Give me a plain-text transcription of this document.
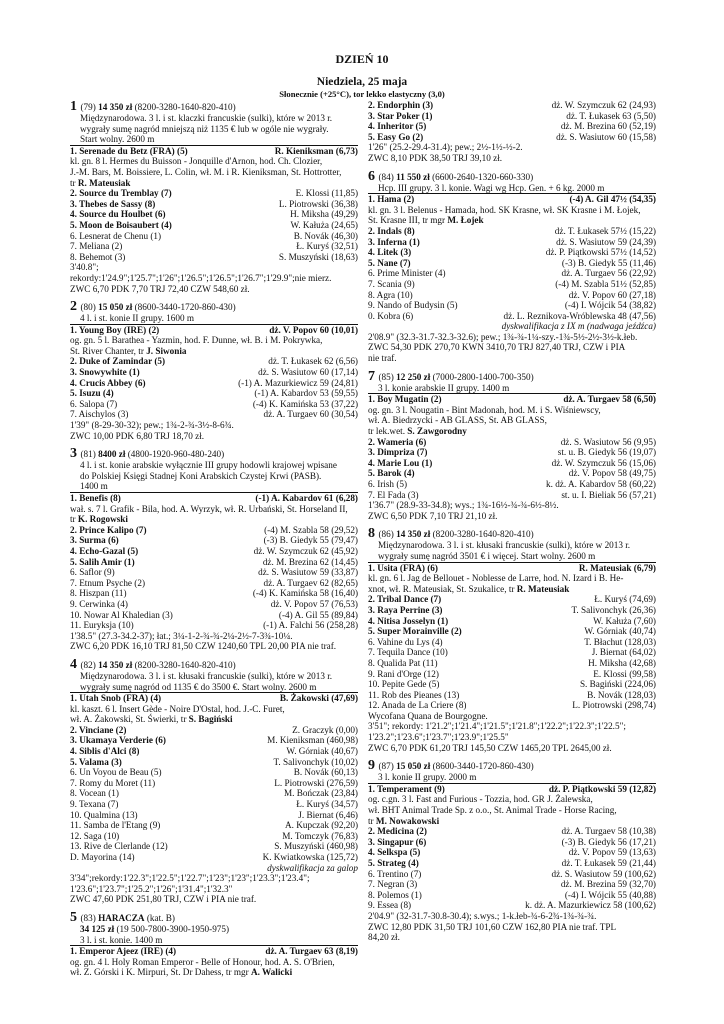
DZIEŃ 10
Niedziela, 25 maja
Słonecznie (+25°C), tor lekko elastyczny (3,0)
1 (79) 14 350 zł (8200-3280-1640-820-410)
Międzynarodowa. 3 l. i st. klaczki francuskie (sulki), które w 2013 r.
wygrały sumę nagród mniejszą niż 1135 € lub w ogóle nie wygrały.
Start wolny. 2600 m
1. Serenade du Betz (FRA) (5)	R. Kieniksman (6,73)
kl. gn. 8 l. Hermes du Buisson - Jonquille d'Arnon, hod. Ch. Clozier,
J.-M. Bars, M. Boissiere, L. Colin, wł. M. i R. Kieniksman, St. Hottrotter,
tr R. Mateusiak
2. Source du Tremblay (7)	E. Klossi (11,85)
3. Thebes de Sassy (8)	L. Piotrowski (36,38)
4. Source du Houlbet (6)	H. Miksha (49,29)
5. Moon de Boisaubert (4)	W. Kałuża (24,65)
6. Lesnerat de Chenu (1)	B. Novák (46,30)
7. Meliana (2)	Ł. Kuryś (32,51)
8. Behemot (3)	S. Muszyński (18,63)
3'40.8";
rekordy:1'24.9";1'25.7";1'26";1'26.5";1'26.5";1'26.7";1'29.9";nie mierz.
ZWC 6,70 PDK 7,70 TRJ 72,40 CZW 548,60 zł.
2 (80) 15 050 zł (8600-3440-1720-860-430)
4 l. i st. konie II grupy. 1600 m
1. Young Boy (IRE) (2)	dż. V. Popov 60 (10,01)
og. gn. 5 l. Barathea - Yazmin, hod. F. Dunne, wł. B. i M. Pokrywka,
St. River Chanter, tr J. Siwonia
2. Duke of Zamindar (5)	dż. T. Łukasek 62 (6,56)
3. Snowywhite (1)	dż. S. Wasiutow 60 (17,14)
4. Crucis Abbey (6)	(-1) A. Mazurkiewicz 59 (24,81)
5. Isuzu (4)	(-1) A. Kabardov 53 (59,55)
6. Salopa (7)	(-4) K. Kamińska 53 (37,22)
7. Aischylos (3)	dż. A. Turgaev 60 (30,54)
1'39" (8-29-30-32); pew.; 1¾-2-¾-3½-8-6¾.
ZWC 10,00 PDK 6,80 TRJ 18,70 zł.
3 (81) 8400 zł (4800-1920-960-480-240)
4 l. i st. konie arabskie wyłącznie III grupy hodowli krajowej wpisane
do Polskiej Księgi Stadnej Koni Arabskich Czystej Krwi (PASB).
1400 m
1. Benefis (8)	(-1) A. Kabardov 61 (6,28)
wał. s. 7 l. Grafik - Bila, hod. A. Wyrzyk, wł. R. Urbański, St. Horseland II,
tr K. Rogowski
2. Prince Kalipo (7)	(-4) M. Szabla 58 (29,52)
3. Surma (6)	(-3) B. Giedyk 55 (79,47)
4. Echo-Gazal (5)	dż. W. Szymczuk 62 (45,92)
5. Salih Amir (1)	dż. M. Brezina 62 (14,45)
6. Saflor (9)	dż. S. Wasiutow 59 (33,87)
7. Etnum Psyche (2)	dż. A. Turgaev 62 (82,65)
8. Hiszpan (11)	(-4) K. Kamińska 58 (16,40)
9. Cerwinka (4)	dż. V. Popov 57 (76,53)
10. Nowar Al Khaledian (3)	(-4) A. Gil 55 (89,84)
11. Euryksja (10)	(-1) A. Falchi 56 (258,28)
1'38.5" (27.3-34.2-37); łat.; 3¼-1-2-¾-¾-2¼-2½-7-3¾-10¼.
ZWC 6,20 PDK 16,10 TRJ 81,50 CZW 1240,60 TPL 20,00 PIA nie traf.
4 (82) 14 350 zł (8200-3280-1640-820-410)
Międzynarodowa. 3 l. i st. kłusaki francuskie (sulki), które w 2013 r.
wygrały sumę nagród od 1135 € do 3500 €. Start wolny. 2600 m
1. Utah Snob (FRA) (4)	B. Żakowski (47,69)
kl. kaszt. 6 l. Insert Gède - Noire D'Ostal, hod. J.-C. Furet,
wł. A. Żakowski, St. Świerki, tr S. Bagiński
2. Vinciane (2)	Z. Graczyk (0,00)
3. Ukamaya Verderie (6)	M. Kieniksman (460,98)
4. Siblis d'Alci (8)	W. Górniak (40,67)
5. Valama (3)	T. Salivonchyk (10,02)
6. Un Voyou de Beau (5)	B. Novák (60,13)
7. Romy du Moret (11)	L. Piotrowski (276,59)
8. Vocean (1)	M. Bończak (23,84)
9. Texana (7)	Ł. Kuryś (34,57)
10. Qualmina (13)	J. Biernat (6,46)
11. Samba de l'Etang (9)	A. Kupczak (92,20)
12. Saga (10)	M. Tomczyk (76,83)
13. Rive de Clerlande (12)	S. Muszyński (460,98)
D. Mayorina (14)	K. Kwiatkowska (125,72)
dyskwalifikacja za galop
3'34";rekordy:1'22.3";1'22.5";1'22.7";1'23";1'23";1'23.3";1'23.4";
1'23.6";1'23.7";1'25.2";1'26";1'31.4";1'32.3"
ZWC 47,60 PDK 251,80 TRJ, CZW i PIA nie traf.
5 (83) HARACZA (kat. B)
34 125 zł (19 500-7800-3900-1950-975)
3 l. i st. konie. 1400 m
1. Emperor Ajeez (IRE) (4)	dż. A. Turgaev 63 (8,19)
og. gn. 4 l. Holy Roman Emperor - Belle of Honour, hod. A. S. O'Brien,
wł. Z. Górski i K. Mirpuri, St. Dr Dahess, tr mgr A. Walicki
2. Endorphin (3)	dż. W. Szymczuk 62 (24,93)
3. Star Poker (1)	dż. T. Łukasek 63 (5,50)
4. Inheritor (5)	dż. M. Brezina 60 (52,19)
5. Easy Go (2)	dż. S. Wasiutow 60 (15,58)
1'26" (25.2-29.4-31.4); pew.; 2½-1½-½-2.
ZWC 8,10 PDK 38,50 TRJ 39,10 zł.
6 (84) 11 550 zł (6600-2640-1320-660-330)
Hcp. III grupy. 3 l. konie. Wagi wg Hcp. Gen. + 6 kg. 2000 m
1. Hama (2)	(-4) A. Gil 47½ (54,35)
kl. gn. 3 l. Belenus - Hamada, hod. SK Krasne, wł. SK Krasne i M. Łojek,
St. Krasne III, tr mgr M. Łojek
2. Indals (8)	dż. T. Łukasek 57½ (15,22)
3. Inferna (1)	dż. S. Wasiutow 59 (24,39)
4. Litek (3)	dż. P. Piątkowski 57½ (14,52)
5. Nane (7)	(-3) B. Giedyk 55 (11,46)
6. Prime Minister (4)	dż. A. Turgaev 56 (22,92)
7. Scania (9)	(-4) M. Szabla 51½ (52,85)
8. Agra (10)	dż. V. Popov 60 (27,18)
9. Nando of Budysin (5)	(-4) I. Wójcik 54 (38,82)
0. Kobra (6)	dż. L. Reznikova-Wróblewska 48 (47,56)
dyskwalifikacja z IX m (nadwaga jeźdźca)
2'08.9" (32.3-31.7-32.3-32.6); pew.; 1¾-¾-1¼-szy.-1¾-5½-2½-3½-k.łeb.
ZWC 54,30 PDK 270,70 KWN 3410,70 TRJ 827,40 TRJ, CZW i PIA
nie traf.
7 (85) 12 250 zł (7000-2800-1400-700-350)
3 l. konie arabskie II grupy. 1400 m
1. Boy Mugatin (2)	dż. A. Turgaev 58 (6,50)
og. gn. 3 l. Nougatin - Bint Madonah, hod. M. i S. Wiśniewscy,
wł. A. Biedrzycki - AB GLASS, St. AB GLASS,
tr lek.wet. S. Zawgorodny
2. Wameria (6)	dż. S. Wasiutow 56 (9,95)
3. Dimpriza (7)	st. u. B. Giedyk 56 (19,07)
4. Marie Lou (1)	dż. W. Szymczuk 56 (15,06)
5. Barok (4)	dż. V. Popov 58 (49,75)
6. Irish (5)	k. dż. A. Kabardov 58 (60,22)
7. El Fada (3)	st. u. I. Bieliak 56 (57,21)
1'36.7" (28.9-33-34.8); wys.; 1¾-16½-¾-¾-6½-8½.
ZWC 6,50 PDK 7,10 TRJ 21,10 zł.
8 (86) 14 350 zł (8200-3280-1640-820-410)
Międzynarodowa. 3 l. i st. kłusaki francuskie (sulki), które w 2013 r.
wygrały sumę nagród 3501 € i więcej. Start wolny. 2600 m
1. Usita (FRA) (6)	R. Mateusiak (6,79)
kl. gn. 6 l. Jag de Bellouet - Noblesse de Larre, hod. N. Izard i B. He-
xnot, wł. R. Mateusiak, St. Szukalice, tr R. Mateusiak
2. Tribal Dance (7)	Ł. Kuryś (74,69)
3. Raya Perrine (3)	T. Salivonchyk (26,36)
4. Nitisa Josselyn (1)	W. Kałuża (7,60)
5. Super Morainville (2)	W. Górniak (40,74)
6. Vahine du Lys (4)	T. Błachut (128,03)
7. Tequila Dance (10)	J. Biernat (64,02)
8. Qualida Pat (11)	H. Miksha (42,68)
9. Rani d'Orge (12)	E. Klossi (99,58)
10. Pepite Gede (5)	S. Bagiński (224,06)
11. Rob des Pieanes (13)	B. Novák (128,03)
12. Anada de La Criere (8)	L. Piotrowski (298,74)
Wycofana Quana de Bourgogne.
3'51"; rekordy: 1'21.2";1'21.4";1'21.5";1'21.8";1'22.2";1'22.3";1'22.5";
1'23.2";1'23.6";1'23.7";1'23.9";1'25.5"
ZWC 6,70 PDK 61,20 TRJ 145,50 CZW 1465,20 TPL 2645,00 zł.
9 (87) 15 050 zł (8600-3440-1720-860-430)
3 l. konie II grupy. 2000 m
1. Temperament (9)	dż. P. Piątkowski 59 (12,82)
og. c.gn. 3 l. Fast and Furious - Tozzia, hod. GR J. Żalewska,
wł. BHT Animal Trade Sp. z o.o., St. Animal Trade - Horse Racing,
tr M. Nowakowski
2. Medicina (2)	dż. A. Turgaev 58 (10,38)
3. Singapur (6)	(-3) B. Giedyk 56 (17,21)
4. Selkspa (5)	dż. V. Popov 59 (13,63)
5. Strateg (4)	dż. T. Łukasek 59 (21,44)
6. Trentino (7)	dż. S. Wasiutow 59 (100,62)
7. Negran (3)	dż. M. Brezina 59 (32,70)
8. Polemos (1)	(-4) I. Wójcik 55 (40,88)
9. Essea (8)	k. dż. A. Mazurkiewicz 58 (100,62)
2'04.9" (32-31.7-30.8-30.4); s.wys.; 1-k.łeb-¾-6-2¾-1¾-¾-¾.
ZWC 12,80 PDK 31,50 TRJ 101,60 CZW 162,80 PIA nie traf. TPL
84,20 zł.
